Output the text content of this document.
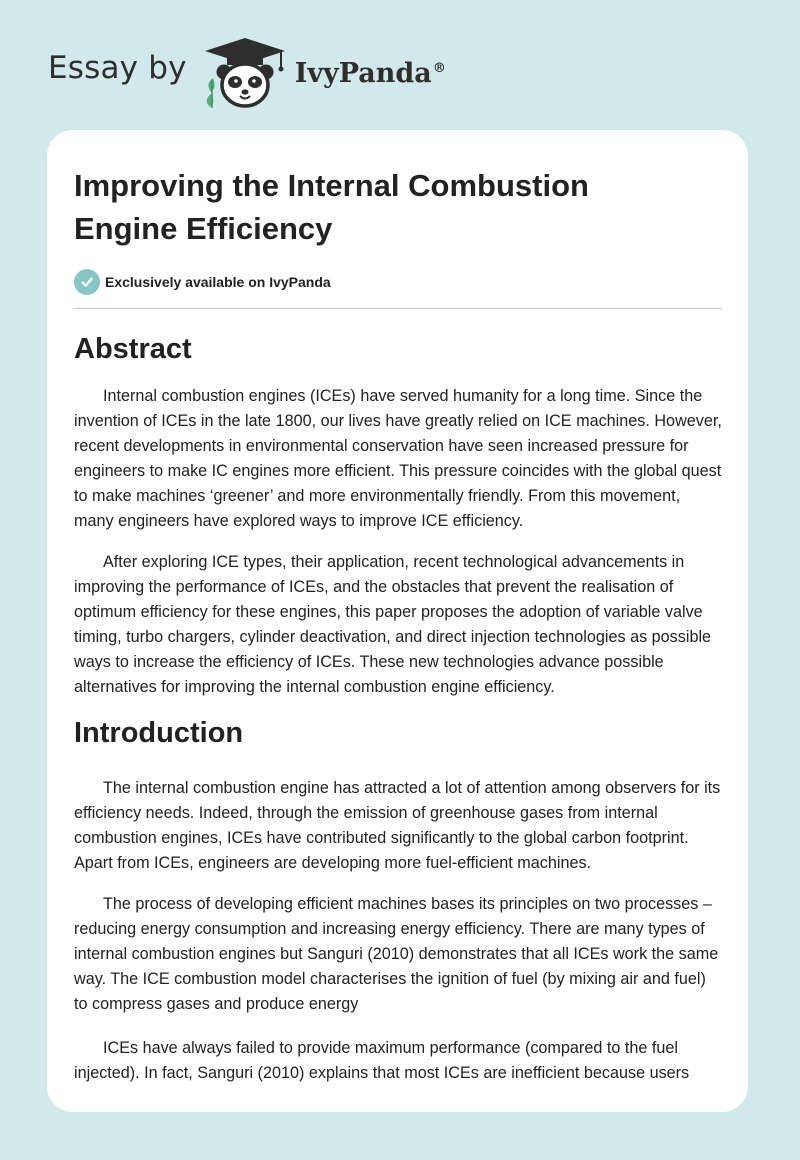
Essay by	IvyPanda®
Improving the Internal Combustion Engine Efficiency
Exclusively available on IvyPanda
Abstract

Internal combustion engines (ICEs) have served humanity for a long time. Since the invention of ICEs in the late 1800, our lives have greatly relied on ICE machines. However, recent developments in environmental conservation have seen increased pressure for engineers to make IC engines more efficient. This pressure coincides with the global quest to make machines ‘greener’ and more environmentally friendly. From this movement, many engineers have explored ways to improve ICE efficiency.

After exploring ICE types, their application, recent technological advancements in improving the performance of ICEs, and the obstacles that prevent the realisation of optimum efficiency for these engines, this paper proposes the adoption of variable valve timing, turbo chargers, cylinder deactivation, and direct injection technologies as possible ways to increase the efficiency of ICEs. These new technologies advance possible alternatives for improving the internal combustion engine efficiency.

Introduction

The internal combustion engine has attracted a lot of attention among observers for its efficiency needs. Indeed, through the emission of greenhouse gases from internal combustion engines, ICEs have contributed significantly to the global carbon footprint. Apart from ICEs, engineers are developing more fuel-efficient machines.

The process of developing efficient machines bases its principles on two processes – reducing energy consumption and increasing energy efficiency. There are many types of internal combustion engines but Sanguri (2010) demonstrates that all ICEs work the same way. The ICE combustion model characterises the ignition of fuel (by mixing air and fuel) to compress gases and produce energy

ICEs have always failed to provide maximum performance (compared to the fuel injected). In fact, Sanguri (2010) explains that most ICEs are inefficient because users
